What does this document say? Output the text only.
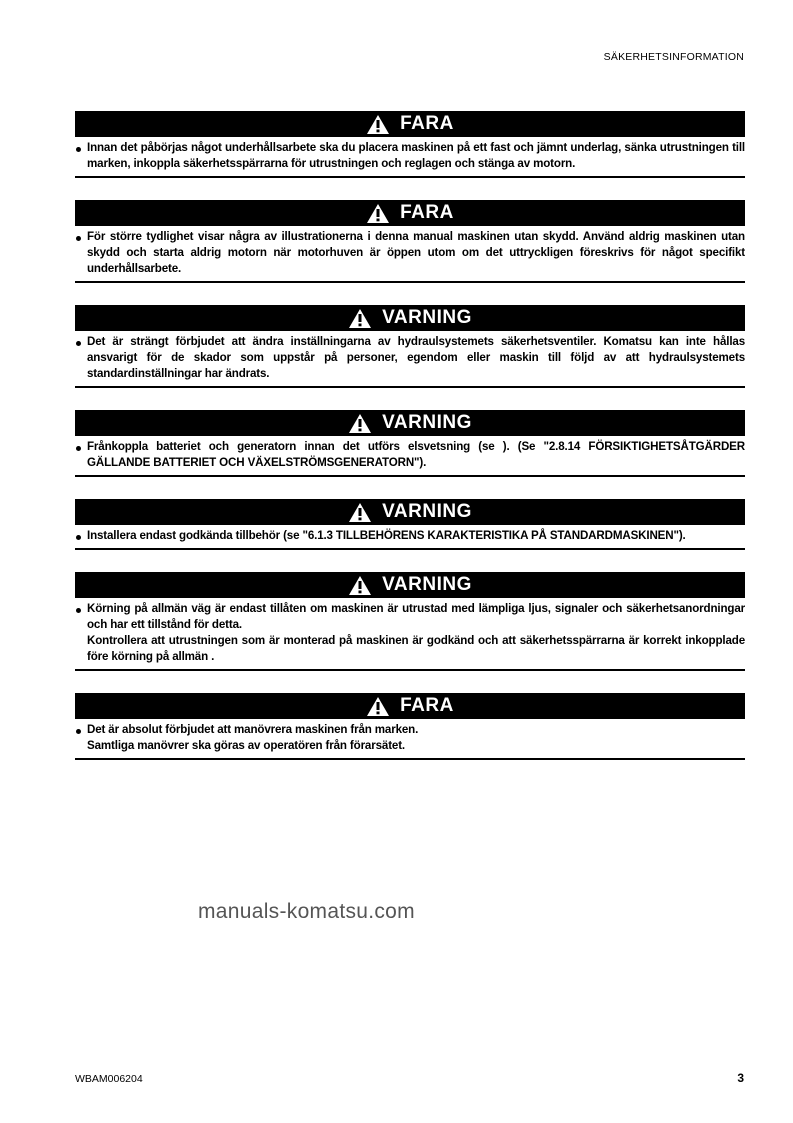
SÄKERHETSINFORMATION
FARA

Innan det påbörjas något underhållsarbete ska du placera maskinen på ett fast och jämnt underlag, sänka utrustningen till marken, inkoppla säkerhetsspärrarna för utrustningen och reglagen och stänga av motorn.

FARA

För större tydlighet visar några av illustrationerna i denna manual maskinen utan skydd. Använd aldrig maskinen utan skydd och starta aldrig motorn när motorhuven är öppen utom om det uttryckligen föreskrivs för något specifikt underhållsarbete.

VARNING

Det är strängt förbjudet att ändra inställningarna av hydraulsystemets säkerhetsventiler. Komatsu kan inte hållas ansvarigt för de skador som uppstår på personer, egendom eller maskin till följd av att hydraulsystemets standardinställningar har ändrats.

VARNING

Frånkoppla batteriet och generatorn innan det utförs elsvetsning (se ). (Se "2.8.14 FÖRSIKTIGHETSÅTGÄRDER GÄLLANDE BATTERIET OCH VÄXELSTRÖMSGENERATORN").

VARNING

Installera endast godkända tillbehör (se "6.1.3 TILLBEHÖRENS KARAKTERISTIKA PÅ STANDARDMASKINEN").

VARNING

Körning på allmän väg är endast tillåten om maskinen är utrustad med lämpliga ljus, signaler och säkerhetsanordningar och har ett tillstånd för detta.

Kontrollera att utrustningen som är monterad på maskinen är godkänd och att säkerhetsspärrarna är korrekt inkopplade före körning på allmän .

FARA

Det är absolut förbjudet att manövrera maskinen från marken.

Samtliga manövrer ska göras av operatören från förarsätet.

manuals-komatsu.com
WBAM006204	3
